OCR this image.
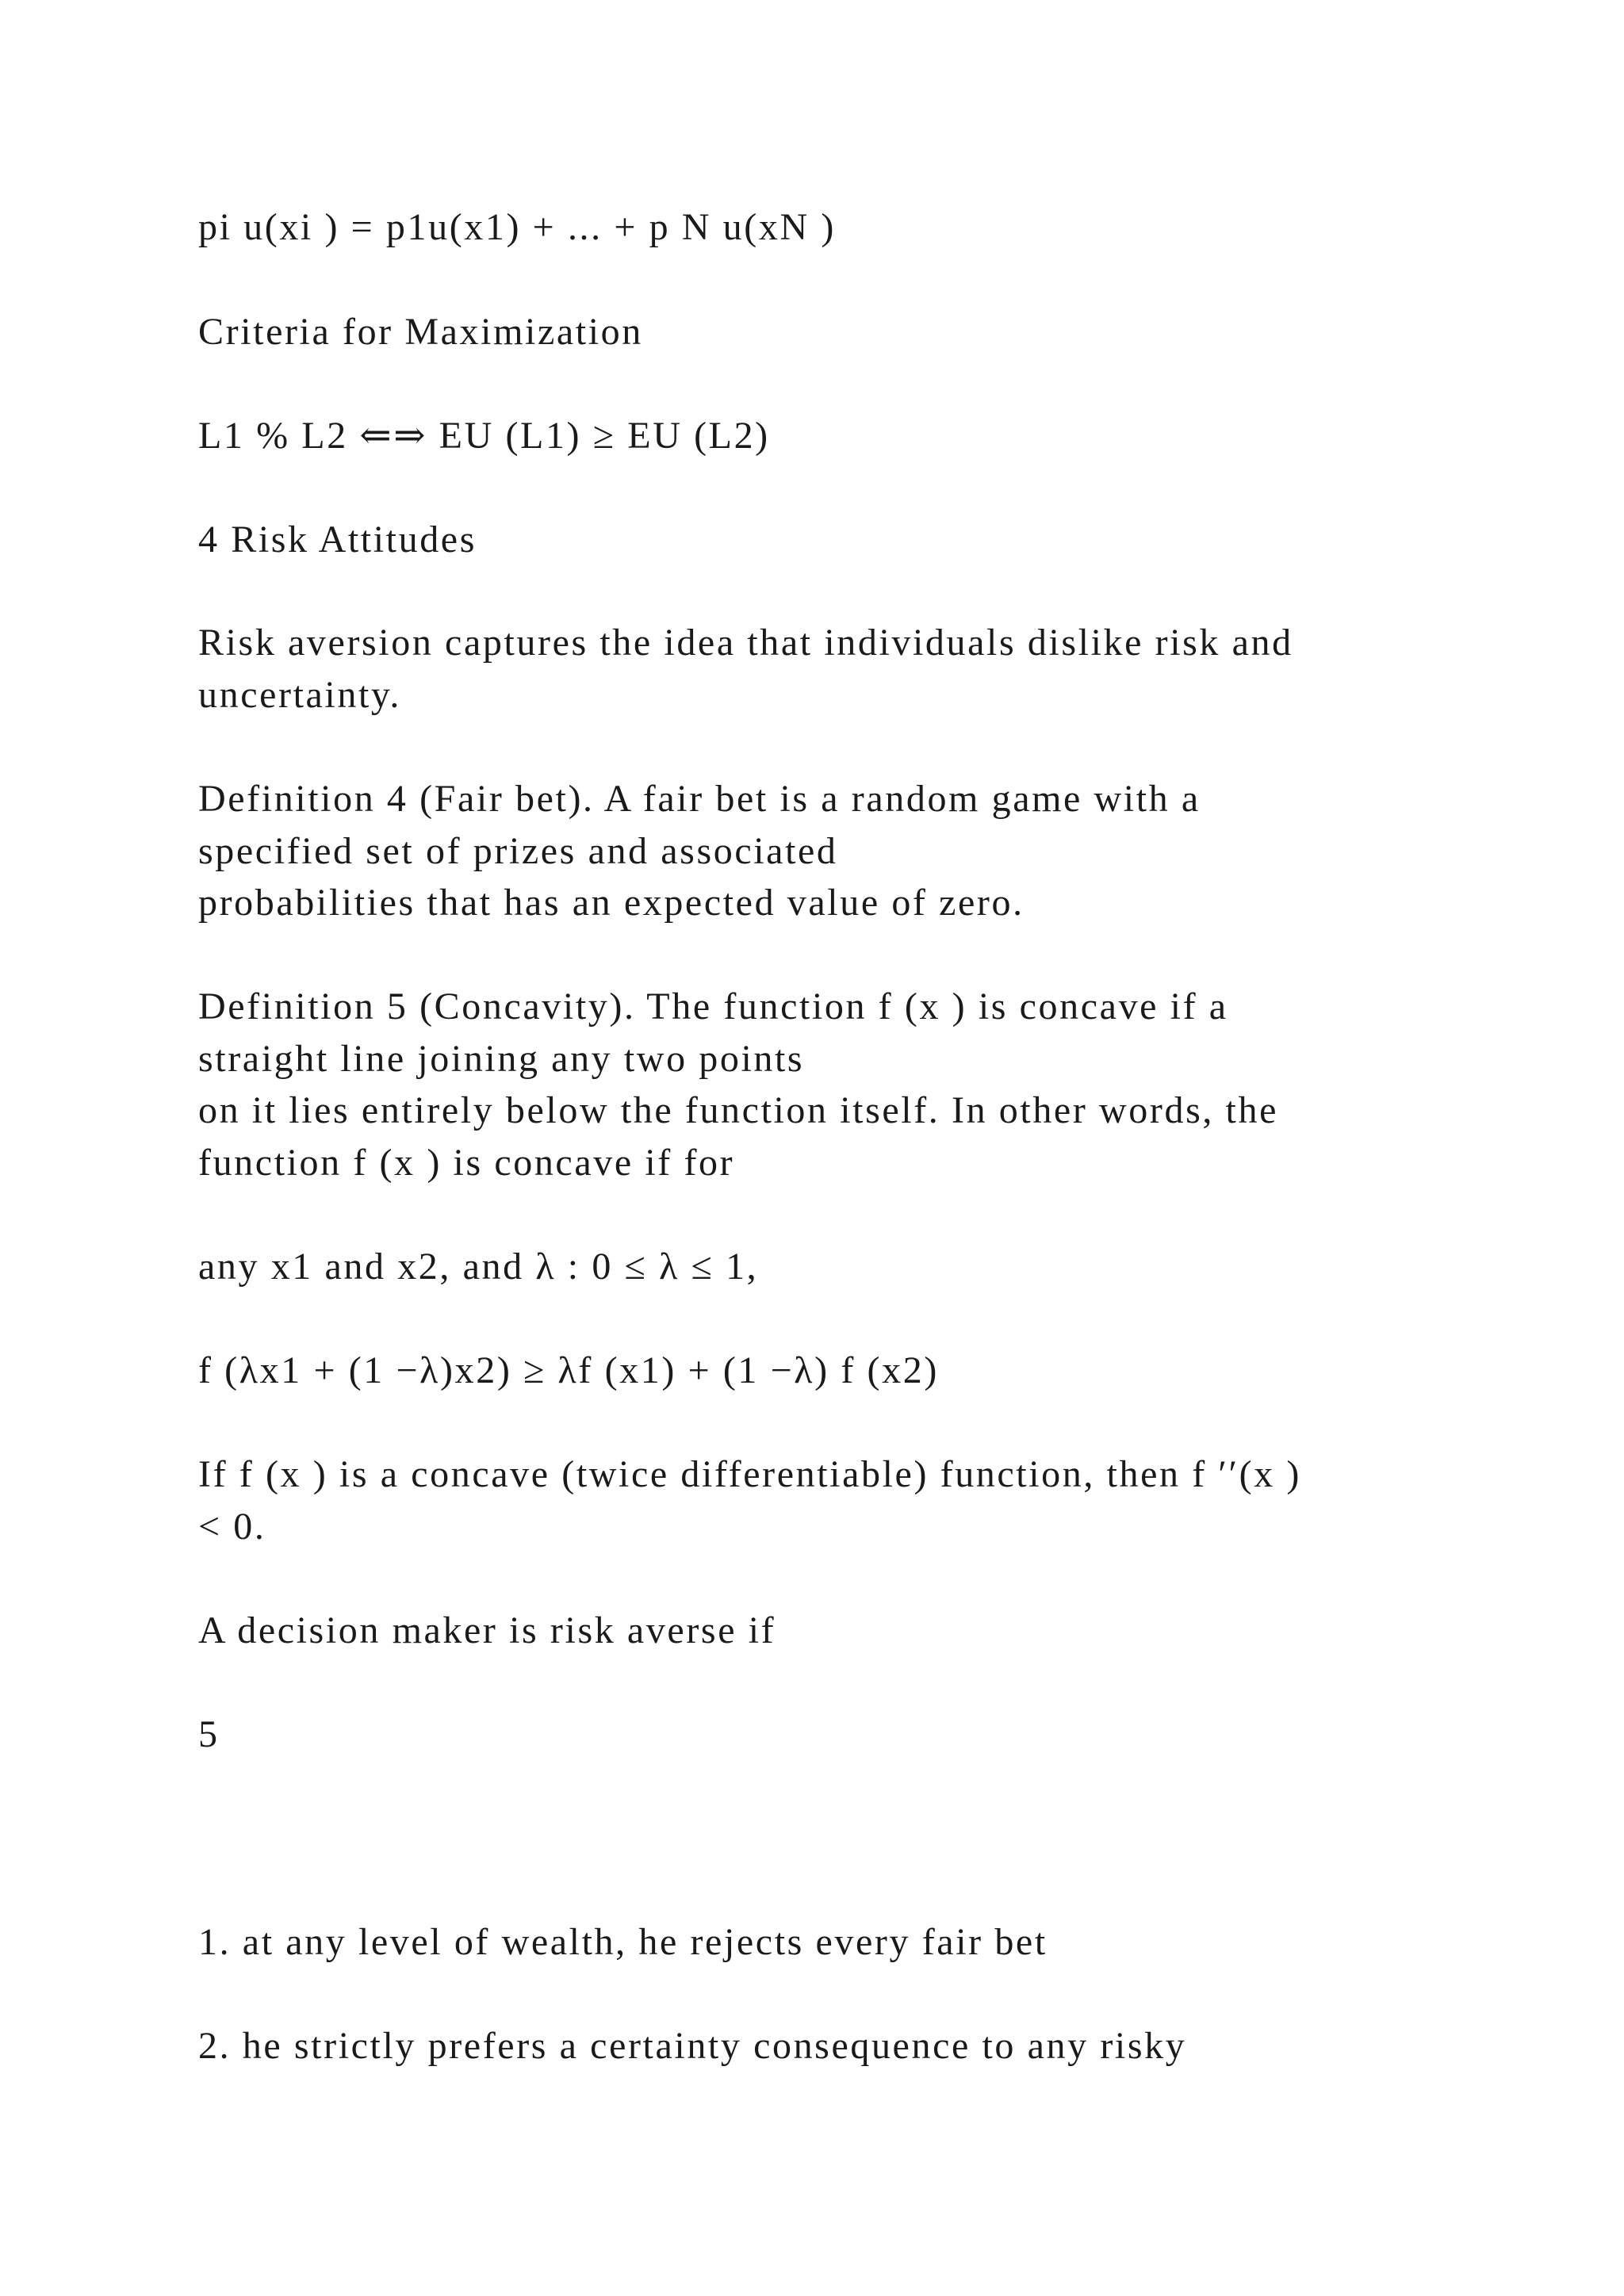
pi u(xi ) = p1u(x1) + ... + p N u(xN )

Criteria for Maximization

L1 % L2 ⇐⇒ EU (L1) ≥ EU (L2)

4 Risk Attitudes

Risk aversion captures the idea that individuals dislike risk and

uncertainty.

Definition 4 (Fair bet). A fair bet is a random game with a

specified set of prizes and associated

probabilities that has an expected value of zero.

Definition 5 (Concavity). The function f (x ) is concave if a

straight line joining any two points

on it lies entirely below the function itself. In other words, the

function f (x ) is concave if for

any x1 and x2, and λ : 0 ≤ λ ≤ 1,

f (λx1 + (1 −λ)x2) ≥ λf (x1) + (1 −λ) f (x2)

If f (x ) is a concave (twice differentiable) function, then f ′′(x )

< 0.

A decision maker is risk averse if

5

1. at any level of wealth, he rejects every fair bet

2. he strictly prefers a certainty consequence to any risky
